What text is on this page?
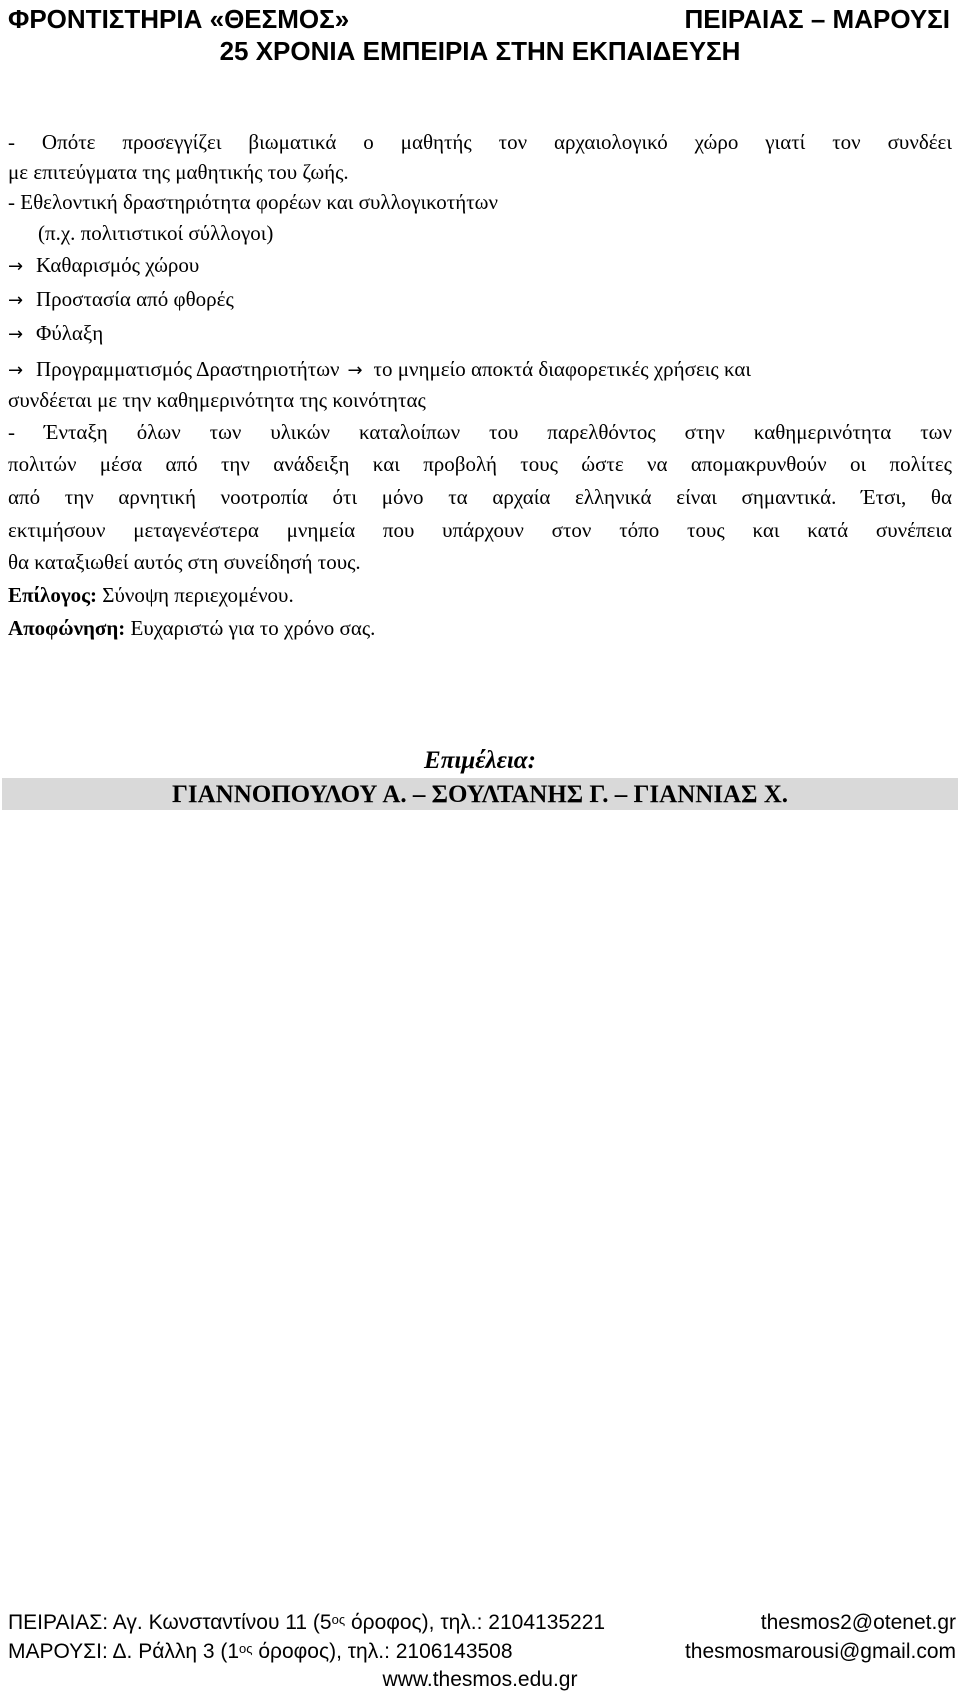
ΦΡΟΝΤΙΣΤΗΡΙΑ «ΘΕΣΜΟΣ»	ΠΕΙΡΑΙΑΣ – ΜΑΡΟΥΣΙ
25 ΧΡΟΝΙΑ ΕΜΠΕΙΡΙΑ ΣΤΗΝ ΕΚΠΑΙΔΕΥΣΗ
- Οπότε προσεγγίζει βιωματικά ο μαθητής τον αρχαιολογικό χώρο γιατί τον συνδέει
με επιτεύγματα της μαθητικής του ζωής.
- Εθελοντική δραστηριότητα φορέων και συλλογικοτήτων
(π.χ. πολιτιστικοί σύλλογοι)
→ Καθαρισμός χώρου
→ Προστασία από φθορές
→ Φύλαξη
→ Προγραμματισμός Δραστηριοτήτων → το μνημείο αποκτά διαφορετικές χρήσεις και
συνδέεται με την καθημερινότητα της κοινότητας
- Ένταξη όλων των υλικών καταλοίπων του παρελθόντος στην καθημερινότητα των
πολιτών μέσα από την ανάδειξη και προβολή τους ώστε να απομακρυνθούν οι πολίτες
από την αρνητική νοοτροπία ότι μόνο τα αρχαία ελληνικά είναι σημαντικά. Έτσι, θα
εκτιμήσουν μεταγενέστερα μνημεία που υπάρχουν στον τόπο τους και κατά συνέπεια
θα καταξιωθεί αυτός στη συνείδησή τους.
Επίλογος: Σύνοψη περιεχομένου.
Αποφώνηση: Ευχαριστώ για το χρόνο σας.
Επιμέλεια:
ΓΙΑΝΝΟΠΟΥΛΟΥ Α. – ΣΟΥΛΤΑΝΗΣ Γ. – ΓΙΑΝΝΙΑΣ Χ.
ΠΕΙΡΑΙΑΣ: Αγ. Κωνσταντίνου 11 ($5^{o\varsigma}$ όροφος), τηλ.: 2104135221	thesmos2@otenet.gr
ΜΑΡΟΥΣΙ: Δ. Ράλλη 3 ($1^{o\varsigma}$ όροφος), τηλ.: 2106143508	thesmosmarousi@gmail.com
www.thesmos.edu.gr
